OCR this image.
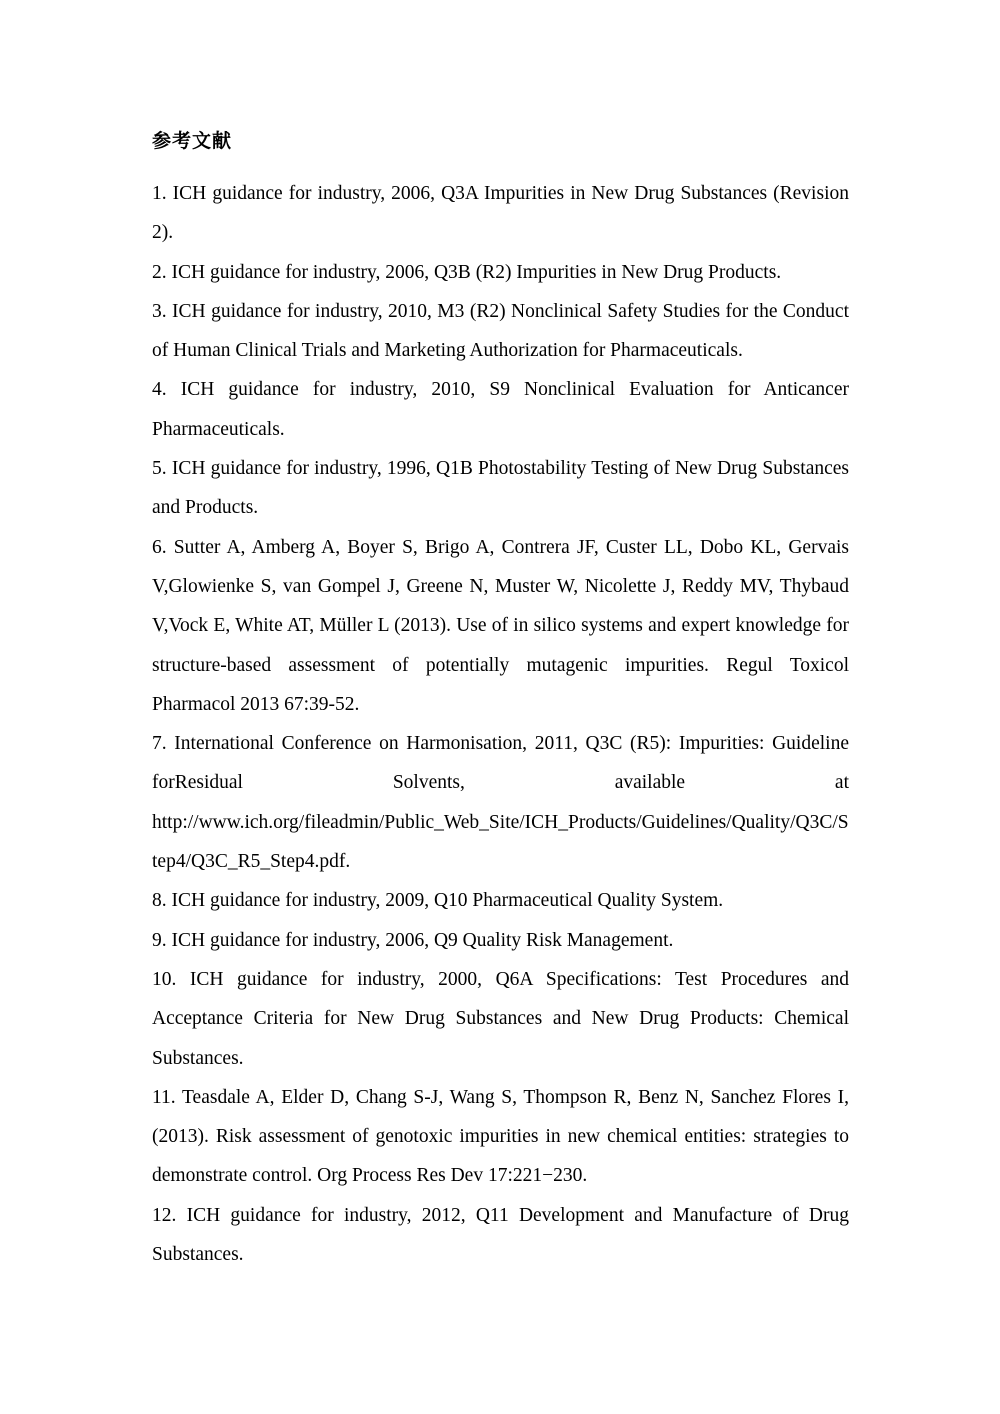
参考文献
1. ICH guidance for industry, 2006, Q3A Impurities in New Drug Substances (Revision 2).
2. ICH guidance for industry, 2006, Q3B (R2) Impurities in New Drug Products.
3. ICH guidance for industry, 2010, M3 (R2) Nonclinical Safety Studies for the Conduct of Human Clinical Trials and Marketing Authorization for Pharmaceuticals.
4. ICH guidance for industry, 2010, S9 Nonclinical Evaluation for Anticancer Pharmaceuticals.
5. ICH guidance for industry, 1996, Q1B Photostability Testing of New Drug Substances and Products.
6. Sutter A, Amberg A, Boyer S, Brigo A, Contrera JF, Custer LL, Dobo KL, Gervais V,Glowienke S, van Gompel J, Greene N, Muster W, Nicolette J, Reddy MV, Thybaud V,Vock E, White AT, Müller L (2013). Use of in silico systems and expert knowledge for structure-based assessment of potentially mutagenic impurities. Regul Toxicol Pharmacol 2013 67:39-52.
7. International Conference on Harmonisation, 2011, Q3C (R5): Impurities: Guideline forResidual Solvents, available at http://www.ich.org/fileadmin/Public_Web_Site/ICH_Products/Guidelines/Quality/Q3C/Step4/Q3C_R5_Step4.pdf.
8. ICH guidance for industry, 2009, Q10 Pharmaceutical Quality System.
9. ICH guidance for industry, 2006, Q9 Quality Risk Management.
10. ICH guidance for industry, 2000, Q6A Specifications: Test Procedures and Acceptance Criteria for New Drug Substances and New Drug Products: Chemical Substances.
11. Teasdale A, Elder D, Chang S-J, Wang S, Thompson R, Benz N, Sanchez Flores I,(2013). Risk assessment of genotoxic impurities in new chemical entities: strategies to demonstrate control. Org Process Res Dev 17:221−230.
12. ICH guidance for industry, 2012, Q11 Development and Manufacture of Drug Substances.
